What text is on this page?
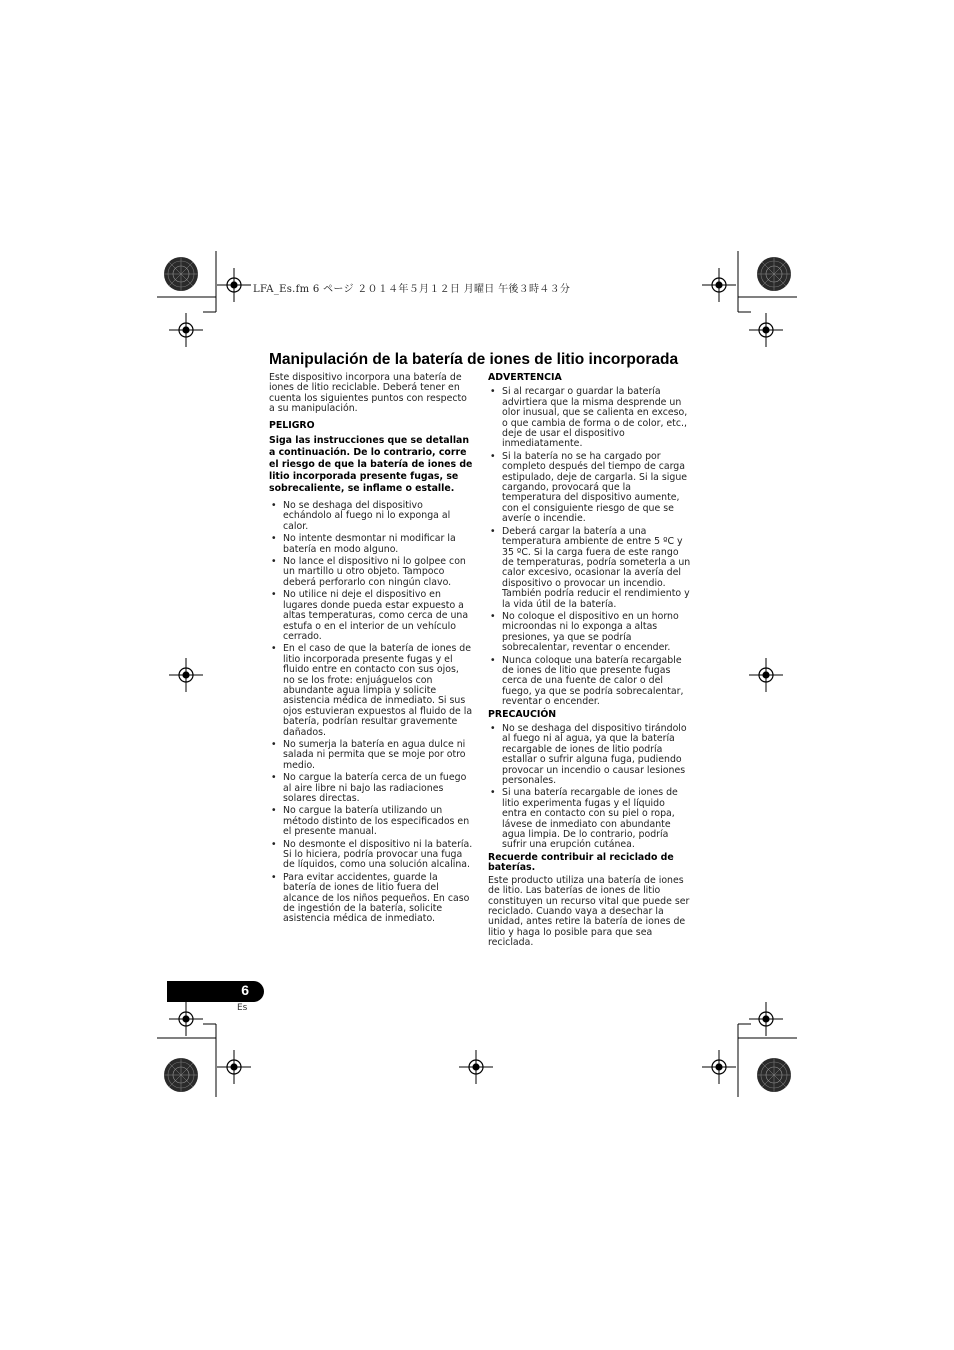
LFA_Es.fm 6 ページ ２０１４年５月１２日 月曜日 午後３時４３分
Manipulación de la batería de iones de litio incorporada

Este dispositivo incorpora una batería de iones de litio reciclable. Deberá tener en cuenta los siguientes puntos con respecto a su manipulación.

PELIGRO
Siga las instrucciones que se detallan a continuación. De lo contrario, corre el riesgo de que la batería de iones de litio incorporada presente fugas, se sobrecaliente, se inflame o estalle.
• No se deshaga del dispositivo echándolo al fuego ni lo exponga al calor.
• No intente desmontar ni modificar la batería en modo alguno.
• No lance el dispositivo ni lo golpee con un martillo u otro objeto. Tampoco deberá perforarlo con ningún clavo.
• No utilice ni deje el dispositivo en lugares donde pueda estar expuesto a altas temperaturas, como cerca de una estufa o en el interior de un vehículo cerrado.
• En el caso de que la batería de iones de litio incorporada presente fugas y el fluido entre en contacto con sus ojos, no se los frote: enjuáguelos con abundante agua limpia y solicite asistencia médica de inmediato. Si sus ojos estuvieran expuestos al fluido de la batería, podrían resultar gravemente dañados.
• No sumerja la batería en agua dulce ni salada ni permita que se moje por otro medio.
• No cargue la batería cerca de un fuego al aire libre ni bajo las radiaciones solares directas.
• No cargue la batería utilizando un método distinto de los especificados en el presente manual.
• No desmonte el dispositivo ni la batería. Si lo hiciera, podría provocar una fuga de líquidos, como una solución alcalina.
• Para evitar accidentes, guarde la batería de iones de litio fuera del alcance de los niños pequeños. En caso de ingestión de la batería, solicite asistencia médica de inmediato.
ADVERTENCIA
• Si al recargar o guardar la batería advirtiera que la misma desprende un olor inusual, que se calienta en exceso, o que cambia de forma o de color, etc., deje de usar el dispositivo inmediatamente.
• Si la batería no se ha cargado por completo después del tiempo de carga estipulado, deje de cargarla. Si la sigue cargando, provocará que la temperatura del dispositivo aumente, con el consiguiente riesgo de que se averíe o incendie.
• Deberá cargar la batería a una temperatura ambiente de entre 5 ºC y 35 ºC. Si la carga fuera de este rango de temperaturas, podría someterla a un calor excesivo, ocasionar la avería del dispositivo o provocar un incendio. También podría reducir el rendimiento y la vida útil de la batería.
• No coloque el dispositivo en un horno microondas ni lo exponga a altas presiones, ya que se podría sobrecalentar, reventar o encender.
• Nunca coloque una batería recargable de iones de litio que presente fugas cerca de una fuente de calor o del fuego, ya que se podría sobrecalentar, reventar o encender.
PRECAUCIÓN
• No se deshaga del dispositivo tirándolo al fuego ni al agua, ya que la batería recargable de iones de litio podría estallar o sufrir alguna fuga, pudiendo provocar un incendio o causar lesiones personales.
• Si una batería recargable de iones de litio experimenta fugas y el líquido entra en contacto con su piel o ropa, lávese de inmediato con abundante agua limpia. De lo contrario, podría sufrir una erupción cutánea.
Recuerde contribuir al reciclado de baterías.

Este producto utiliza una batería de iones de litio. Las baterías de iones de litio constituyen un recurso vital que puede ser reciclado. Cuando vaya a desechar la unidad, antes retire la batería de iones de litio y haga lo posible para que sea reciclada.

6
Es
